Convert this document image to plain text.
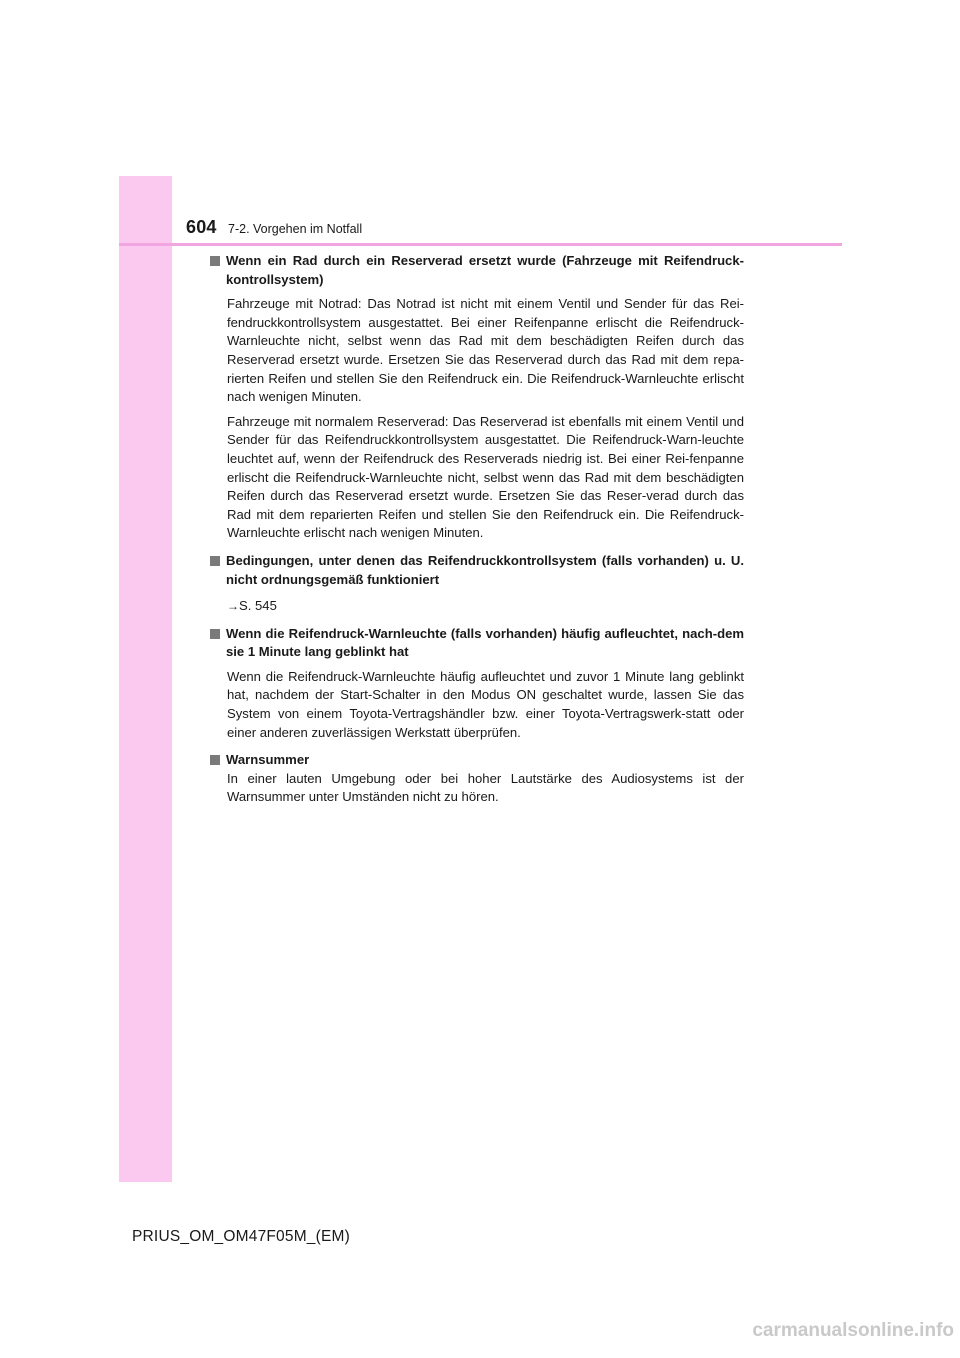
604 7-2. Vorgehen im Notfall
Wenn ein Rad durch ein Reserverad ersetzt wurde (Fahrzeuge mit Reifendruck-kontrollsystem)
Fahrzeuge mit Notrad: Das Notrad ist nicht mit einem Ventil und Sender für das Rei-fendruckkontrollsystem ausgestattet. Bei einer Reifenpanne erlischt die Reifendruck-Warnleuchte nicht, selbst wenn das Rad mit dem beschädigten Reifen durch das Reserverad ersetzt wurde. Ersetzen Sie das Reserverad durch das Rad mit dem repa-rierten Reifen und stellen Sie den Reifendruck ein. Die Reifendruck-Warnleuchte erlischt nach wenigen Minuten.
Fahrzeuge mit normalem Reserverad: Das Reserverad ist ebenfalls mit einem Ventil und Sender für das Reifendruckkontrollsystem ausgestattet. Die Reifendruck-Warn-leuchte leuchtet auf, wenn der Reifendruck des Reserverads niedrig ist. Bei einer Rei-fenpanne erlischt die Reifendruck-Warnleuchte nicht, selbst wenn das Rad mit dem beschädigten Reifen durch das Reserverad ersetzt wurde. Ersetzen Sie das Reser-verad durch das Rad mit dem reparierten Reifen und stellen Sie den Reifendruck ein. Die Reifendruck-Warnleuchte erlischt nach wenigen Minuten.
Bedingungen, unter denen das Reifendruckkontrollsystem (falls vorhanden) u. U. nicht ordnungsgemäß funktioniert
→S. 545
Wenn die Reifendruck-Warnleuchte (falls vorhanden) häufig aufleuchtet, nach-dem sie 1 Minute lang geblinkt hat
Wenn die Reifendruck-Warnleuchte häufig aufleuchtet und zuvor 1 Minute lang geblinkt hat, nachdem der Start-Schalter in den Modus ON geschaltet wurde, lassen Sie das System von einem Toyota-Vertragshändler bzw. einer Toyota-Vertragswerk-statt oder einer anderen zuverlässigen Werkstatt überprüfen.
Warnsummer
In einer lauten Umgebung oder bei hoher Lautstärke des Audiosystems ist der Warnsummer unter Umständen nicht zu hören.
PRIUS_OM_OM47F05M_(EM)
carmanualsonline.info
